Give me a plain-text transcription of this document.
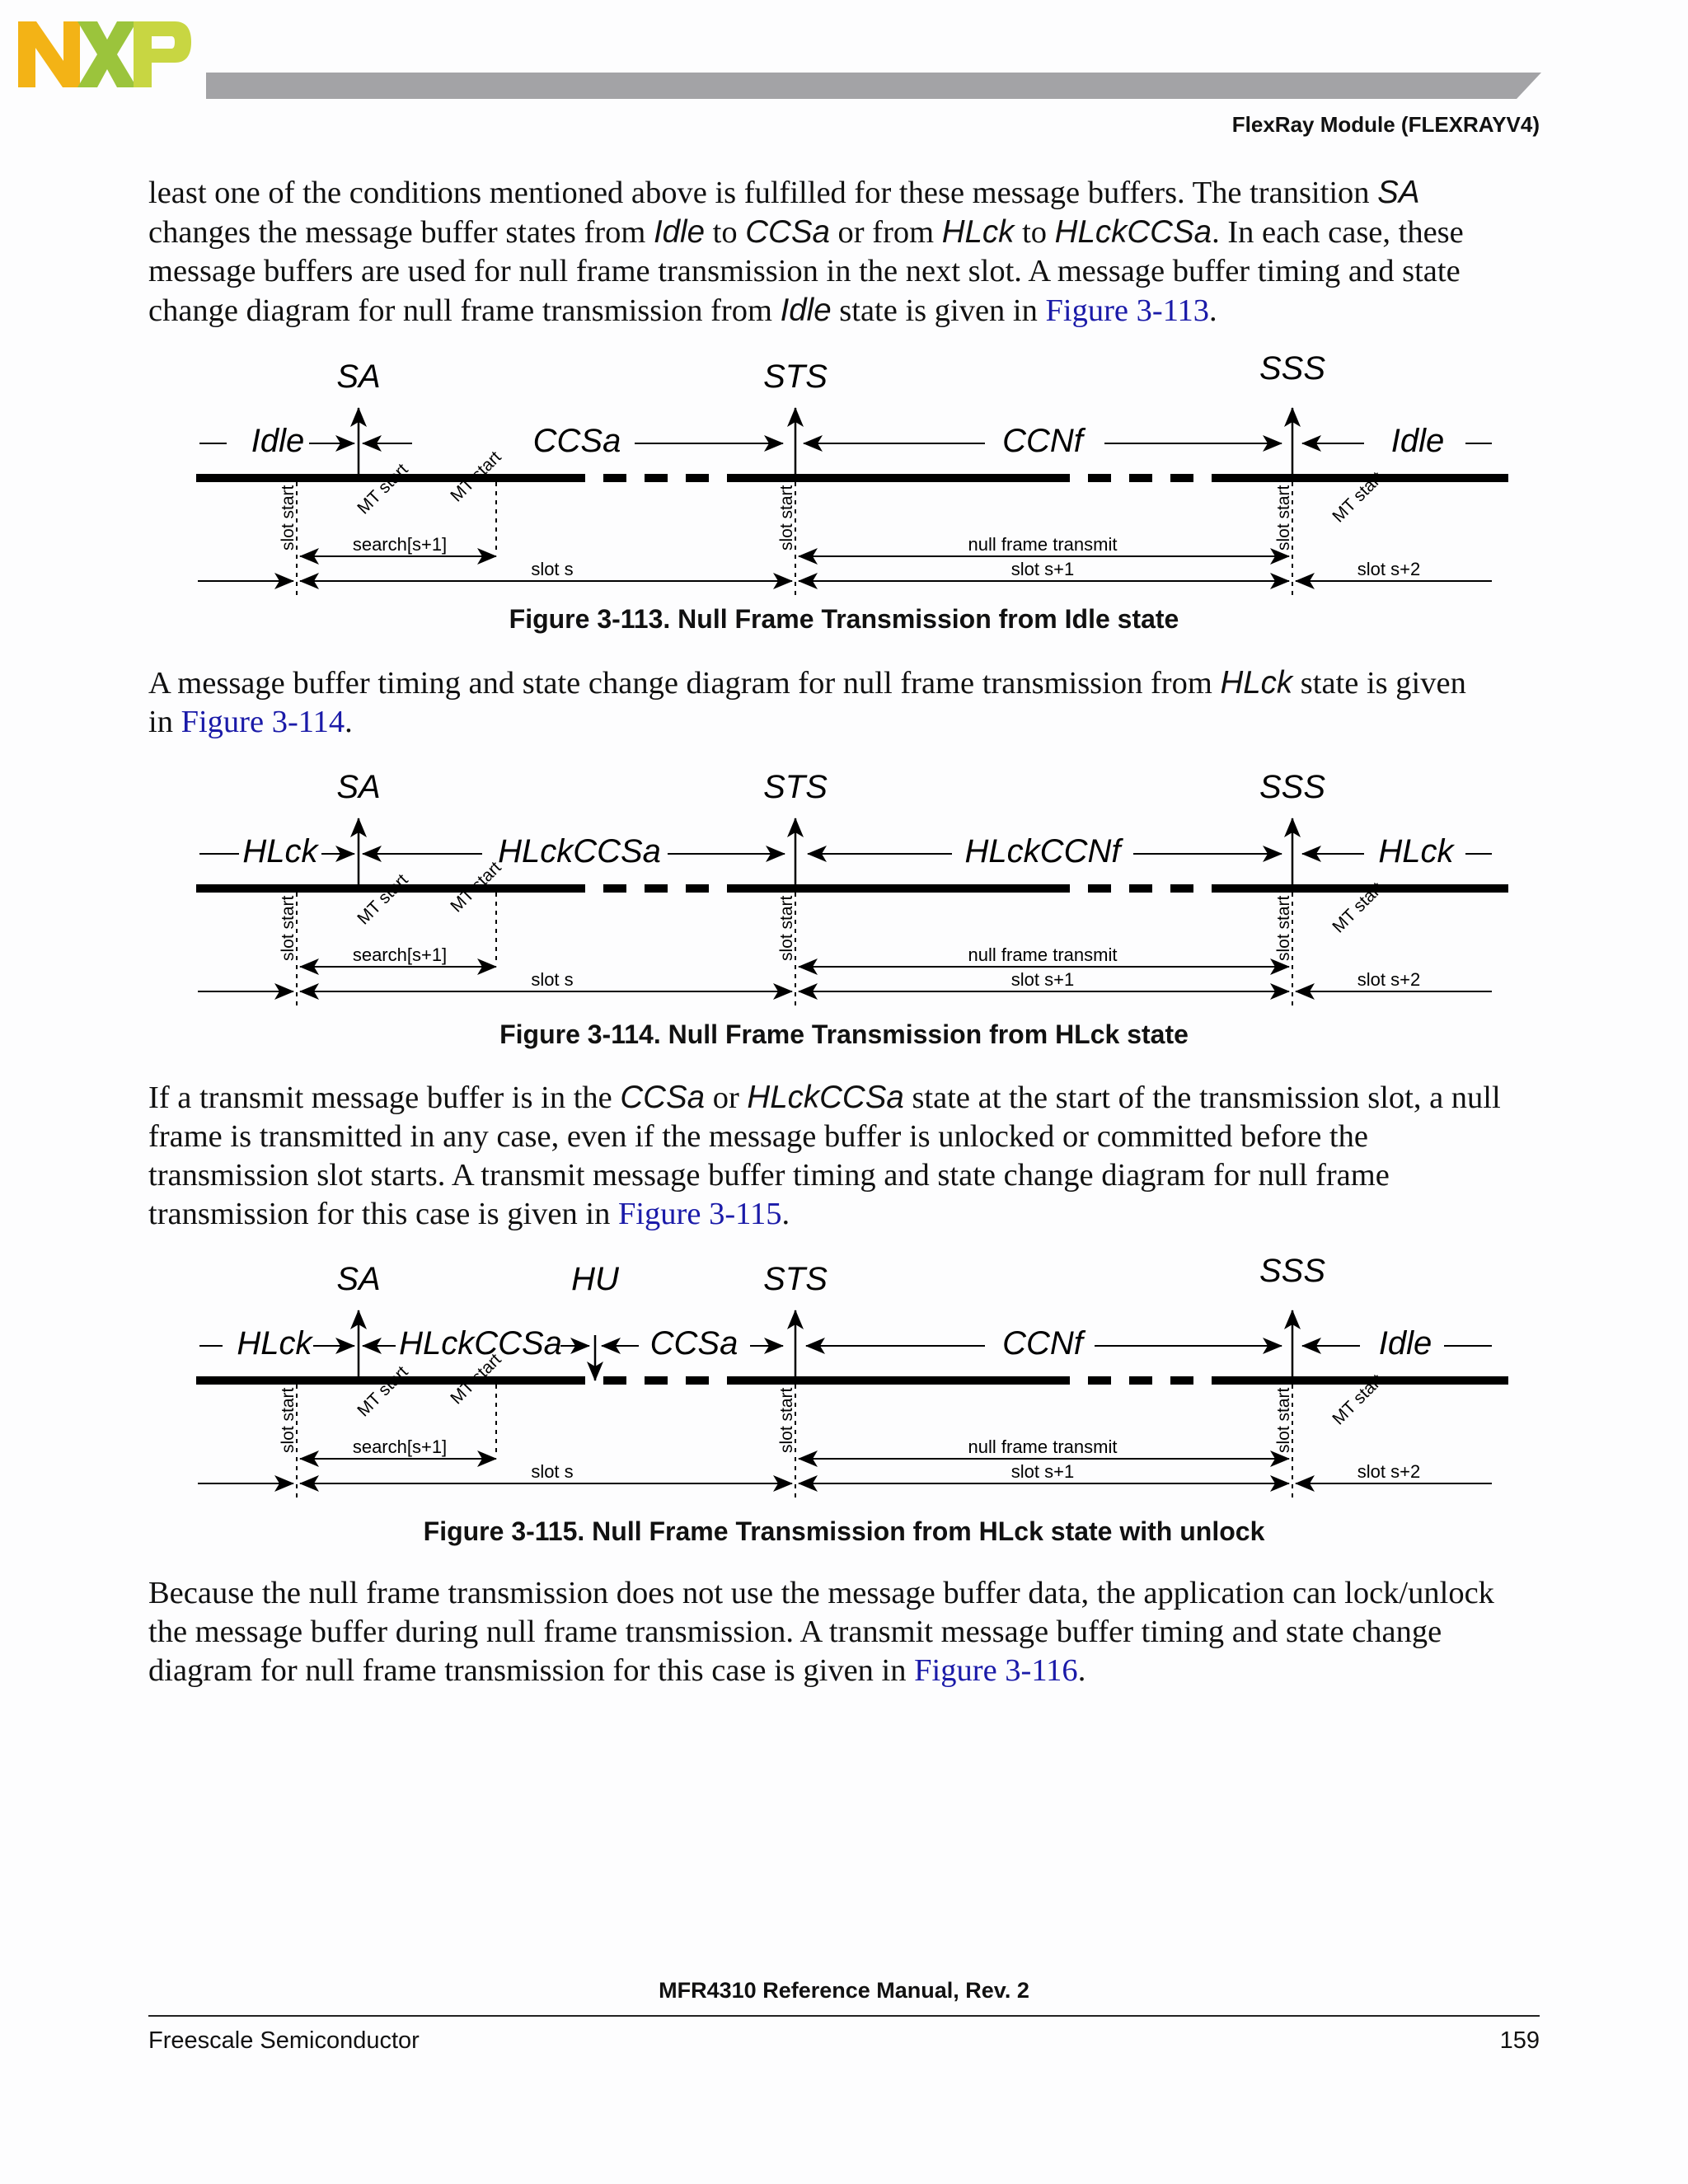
FlexRay Module (FLEXRAYV4)

least one of the conditions mentioned above is fulfilled for these message buffers. The transition SA
changes the message buffer states from Idle to CCSa or from HLck to HLckCCSa. In each case, these
message buffers are used for null frame transmission in the next slot. A message buffer timing and state
change diagram for null frame transmission from Idle state is given in Figure 3-113.

SA	STS	SSS
Idle	CCSa	CCNf	Idle
slot start	slot start	slot start
MT start MT start	MT start
search[s+1]	null frame transmit
slot s	slot s+1	slot s+2
Figure 3-113. Null Frame Transmission from Idle state

A message buffer timing and state change diagram for null frame transmission from HLck state is given
in Figure 3-114.

SA	STS	SSS
HLck	HLckCCSa	HLckCCNf	HLck
slot start	slot start	slot start
MT start MT start	MT start
search[s+1]	null frame transmit
slot s	slot s+1	slot s+2
Figure 3-114. Null Frame Transmission from HLck state

If a transmit message buffer is in the CCSa or HLckCCSa state at the start of the transmission slot, a null
frame is transmitted in any case, even if the message buffer is unlocked or committed before the
transmission slot starts. A transmit message buffer timing and state change diagram for null frame
transmission for this case is given in Figure 3-115.

SA	HU	STS	SSS
HLck	HLckCCSa	CCSa	CCNf	Idle
slot start	slot start	slot start
MT start MT start	MT start
search[s+1]	null frame transmit
slot s	slot s+1	slot s+2
Figure 3-115. Null Frame Transmission from HLck state with unlock

Because the null frame transmission does not use the message buffer data, the application can lock/unlock
the message buffer during null frame transmission. A transmit message buffer timing and state change
diagram for null frame transmission for this case is given in Figure 3-116.

MFR4310 Reference Manual, Rev. 2
Freescale Semiconductor	159
